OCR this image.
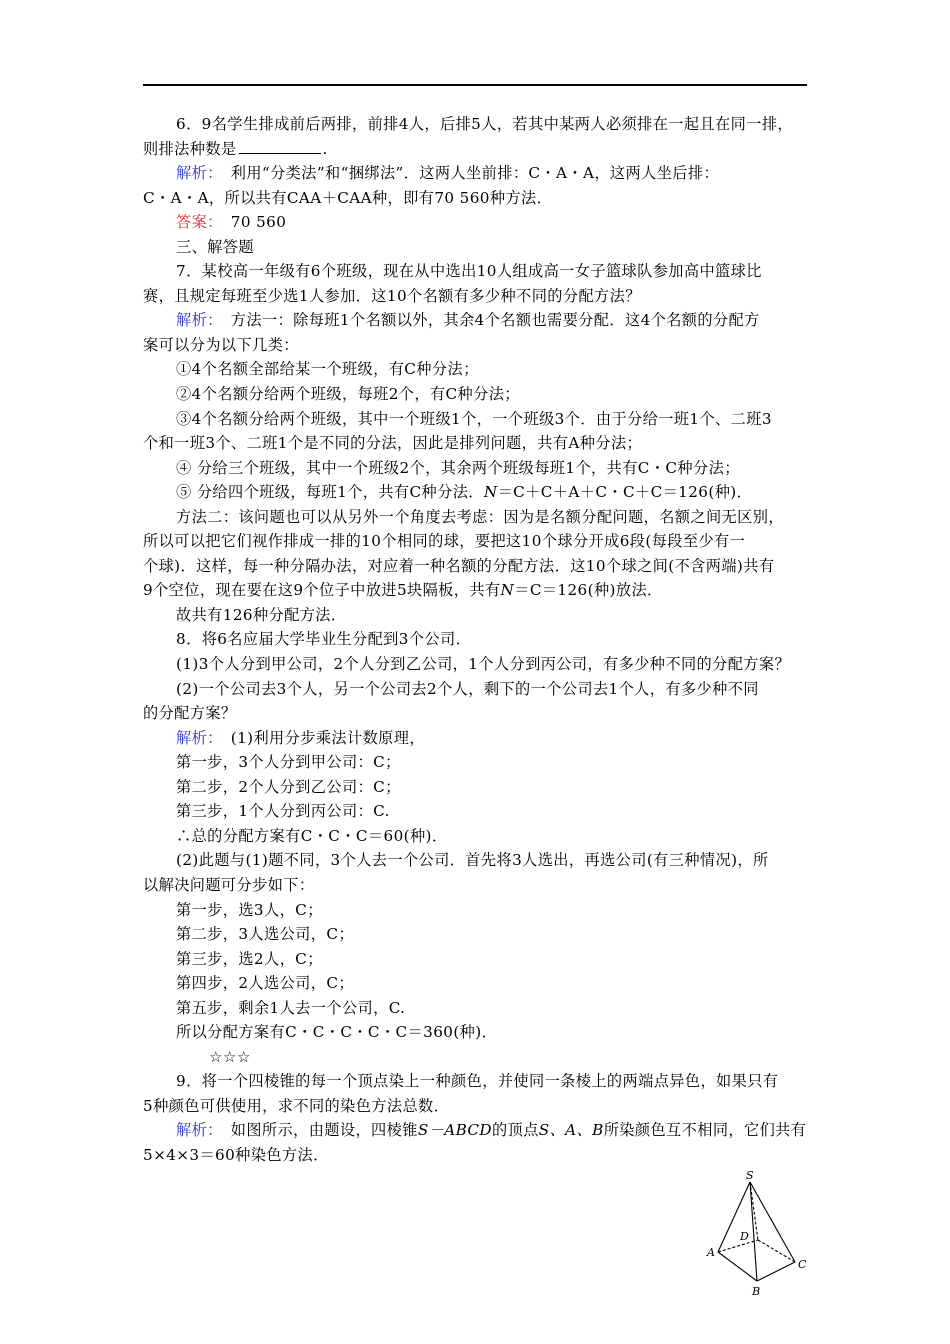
6．9名学生排成前后两排，前排4人，后排5人，若其中某两人必须排在一起且在同一排，
则排法种数是	.
解析：　利用“分类法”和“捆绑法”．这两人坐前排：C・A・A，这两人坐后排：
C・A・A，所以共有CAA＋CAA种，即有70 560种方法．
答案：　70 560
三、解答题
7．某校高一年级有6个班级，现在从中选出10人组成高一女子篮球队参加高中篮球比
赛，且规定每班至少选1人参加．这10个名额有多少种不同的分配方法？
解析：　方法一：除每班1个名额以外，其余4个名额也需要分配．这4个名额的分配方
案可以分为以下几类：
①4个名额全部给某一个班级，有C种分法；
②4个名额分给两个班级，每班2个，有C种分法；
③4个名额分给两个班级，其中一个班级1个，一个班级3个．由于分给一班1个、二班3
个和一班3个、二班1个是不同的分法，因此是排列问题，共有A种分法；
④ 分给三个班级，其中一个班级2个，其余两个班级每班1个，共有C・C种分法；
⑤ 分给四个班级，每班1个，共有C种分法．N＝C＋C＋A＋C・C＋C＝126(种)．
方法二：该问题也可以从另外一个角度去考虑：因为是名额分配问题，名额之间无区别，
所以可以把它们视作排成一排的10个相同的球，要把这10个球分开成6段(每段至少有一
个球)．这样，每一种分隔办法，对应着一种名额的分配方法．这10个球之间(不含两端)共有
9个空位，现在要在这9个位子中放进5块隔板，共有N＝C＝126(种)放法．
故共有126种分配方法．
8．将6名应届大学毕业生分配到3个公司．
(1)3个人分到甲公司，2个人分到乙公司，1个人分到丙公司，有多少种不同的分配方案？
(2)一个公司去3个人，另一个公司去2个人，剩下的一个公司去1个人，有多少种不同
的分配方案？
解析：　(1)利用分步乘法计数原理，
第一步，3个人分到甲公司：C；
第二步，2个人分到乙公司：C；
第三步，1个人分到丙公司：C.
∴总的分配方案有C・C・C＝60(种)．
(2)此题与(1)题不同，3个人去一个公司．首先将3人选出，再选公司(有三种情况)，所
以解决问题可分步如下：
第一步，选3人，C；
第二步，3人选公司，C；
第三步，选2人，C；
第四步，2人选公司，C；
第五步，剩余1人去一个公司，C.
所以分配方案有C・C・C・C・C＝360(种)．
☆☆☆
9．将一个四棱锥的每一个顶点染上一种颜色，并使同一条棱上的两端点异色，如果只有
5种颜色可供使用，求不同的染色方法总数．
解析：　如图所示，由题设，四棱锥S－ABCD的顶点S、A、B所染颜色互不相同，它们共有
5×4×3＝60种染色方法．
S
A
B
C
D
